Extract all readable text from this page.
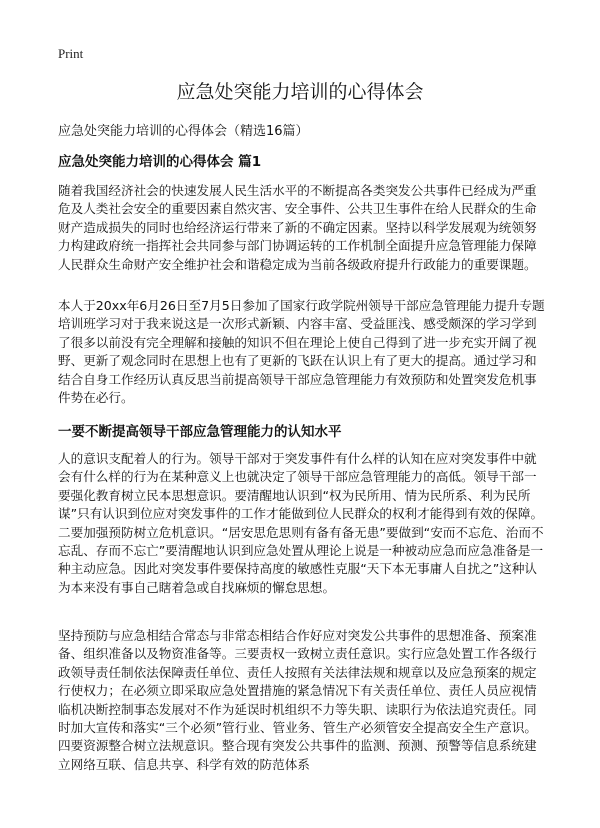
Print
应急处突能力培训的心得体会

应急处突能力培训的心得体会（精选16篇）

应急处突能力培训的心得体会 篇1

随着我国经济社会的快速发展人民生活水平的不断提高各类突发公共事件已经成为严重危及人类社会安全的重要因素自然灾害、安全事件、公共卫生事件在给人民群众的生命财产造成损失的同时也给经济运行带来了新的不确定因素。坚持以科学发展观为统领努力构建政府统一指挥社会共同参与部门协调运转的工作机制全面提升应急管理能力保障人民群众生命财产安全维护社会和谐稳定成为当前各级政府提升行政能力的重要课题。

本人于20xx年6月26日至7月5日参加了国家行政学院州领导干部应急管理能力提升专题培训班学习对于我来说这是一次形式新颖、内容丰富、受益匪浅、感受颇深的学习学到了很多以前没有完全理解和接触的知识不但在理论上使自己得到了进一步充实开阔了视野、更新了观念同时在思想上也有了更新的飞跃在认识上有了更大的提高。通过学习和结合自身工作经历认真反思当前提高领导干部应急管理能力有效预防和处置突发危机事件势在必行。

一要不断提高领导干部应急管理能力的认知水平

人的意识支配着人的行为。领导干部对于突发事件有什么样的认知在应对突发事件中就会有什么样的行为在某种意义上也就决定了领导干部应急管理能力的高低。领导干部一要强化教育树立民本思想意识。要清醒地认识到“权为民所用、情为民所系、利为民所谋”只有认识到位应对突发事件的工作才能做到位人民群众的权利才能得到有效的保障。二要加强预防树立危机意识。“居安思危思则有备有备无患”要做到“安而不忘危、治而不忘乱、存而不忘亡”要清醒地认识到应急处置从理论上说是一种被动应急而应急准备是一种主动应急。因此对突发事件要保持高度的敏感性克服“天下本无事庸人自扰之”这种认为本来没有事自己瞎着急或自找麻烦的懈怠思想。

坚持预防与应急相结合常态与非常态相结合作好应对突发公共事件的思想准备、预案准备、组织准备以及物资准备等。三要责权一致树立责任意识。实行应急处置工作各级行政领导责任制依法保障责任单位、责任人按照有关法律法规和规章以及应急预案的规定行使权力；在必须立即采取应急处置措施的紧急情况下有关责任单位、责任人员应视情临机决断控制事态发展对不作为延误时机组织不力等失职、读职行为依法追究责任。同时加大宣传和落实“三个必须”管行业、管业务、管生产必须管安全提高安全生产意识。四要资源整合树立法规意识。整合现有突发公共事件的监测、预测、预警等信息系统建立网络互联、信息共享、科学有效的防范体系
